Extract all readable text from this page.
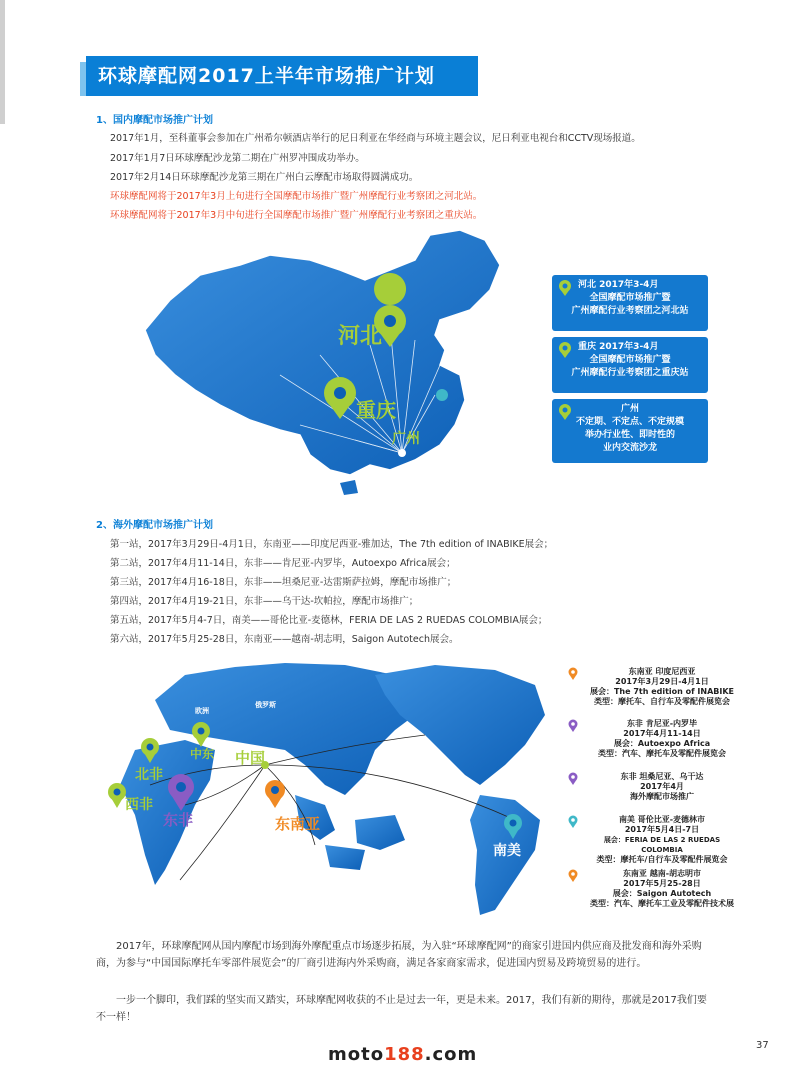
环球摩配网2017上半年市场推广计划
1、国内摩配市场推广计划
2017年1月，至科董事会参加在广州希尔顿酒店举行的尼日利亚在华经商与环境主题会议，尼日利亚电视台和CCTV现场报道。
2017年1月7日环球摩配沙龙第二期在广州罗冲围成功举办。
2017年2月14日环球摩配沙龙第三期在广州白云摩配市场取得圆满成功。
环球摩配网将于2017年3月上旬进行全国摩配市场推广暨广州摩配行业考察团之河北站。
环球摩配网将于2017年3月中旬进行全国摩配市场推广暨广州摩配行业考察团之重庆站。
河北
重庆
广州
河北 2017年3-4月
全国摩配市场推广暨
广州摩配行业考察团之河北站
重庆 2017年3-4月
全国摩配市场推广暨
广州摩配行业考察团之重庆站
广州
不定期、不定点、不定规模
举办行业性、即时性的
业内交流沙龙
2、海外摩配市场推广计划
第一站，2017年3月29日-4月1日，东南亚——印度尼西亚-雅加达，The 7th edition of INABIKE展会；
第二站，2017年4月11-14日，东非——肯尼亚-内罗毕，Autoexpo Africa展会；
第三站，2017年4月16-18日，东非——坦桑尼亚-达雷斯萨拉姆，摩配市场推广；
第四站，2017年4月19-21日，东非——乌干达-坎帕拉，摩配市场推广；
第五站，2017年5月4-7日，南美——哥伦比亚-麦德林，FERIA DE LAS 2 RUEDAS COLOMBIA展会；
第六站，2017年5月25-28日，东南亚——越南-胡志明，Saigon Autotech展会。
欧洲
俄罗斯
中东 中国
北非
西非
东非	东南亚
南美
东南亚 印度尼西亚
2017年3月29日-4月1日
展会：The 7th edition of INABIKE
类型：摩托车、自行车及零配件展览会
东非 肯尼亚-内罗毕
2017年4月11-14日
展会：Autoexpo Africa
类型：汽车、摩托车及零配件展览会
东非 坦桑尼亚、乌干达
2017年4月
海外摩配市场推广
南美 哥伦比亚-麦德林市
2017年5月4日-7日
展会：FERIA DE LAS 2 RUEDAS COLOMBIA
类型：摩托车/自行车及零配件展览会
东南亚 越南-胡志明市
2017年5月25-28日
展会：Saigon Autotech
类型：汽车、摩托车工业及零配件技术展
2017年，环球摩配网从国内摩配市场到海外摩配重点市场逐步拓展，为入驻“环球摩配网”的商家引进国内供应商及批发商和海外采购商，为参与“中国国际摩托车零部件展览会”的厂商引进海内外采购商，满足各家商家需求，促进国内贸易及跨境贸易的进行。
一步一个脚印，我们踩的坚实而又踏实，环球摩配网收获的不止是过去一年，更是未来。2017，我们有新的期待，那就是2017我们要不一样！
moto188.com	37
